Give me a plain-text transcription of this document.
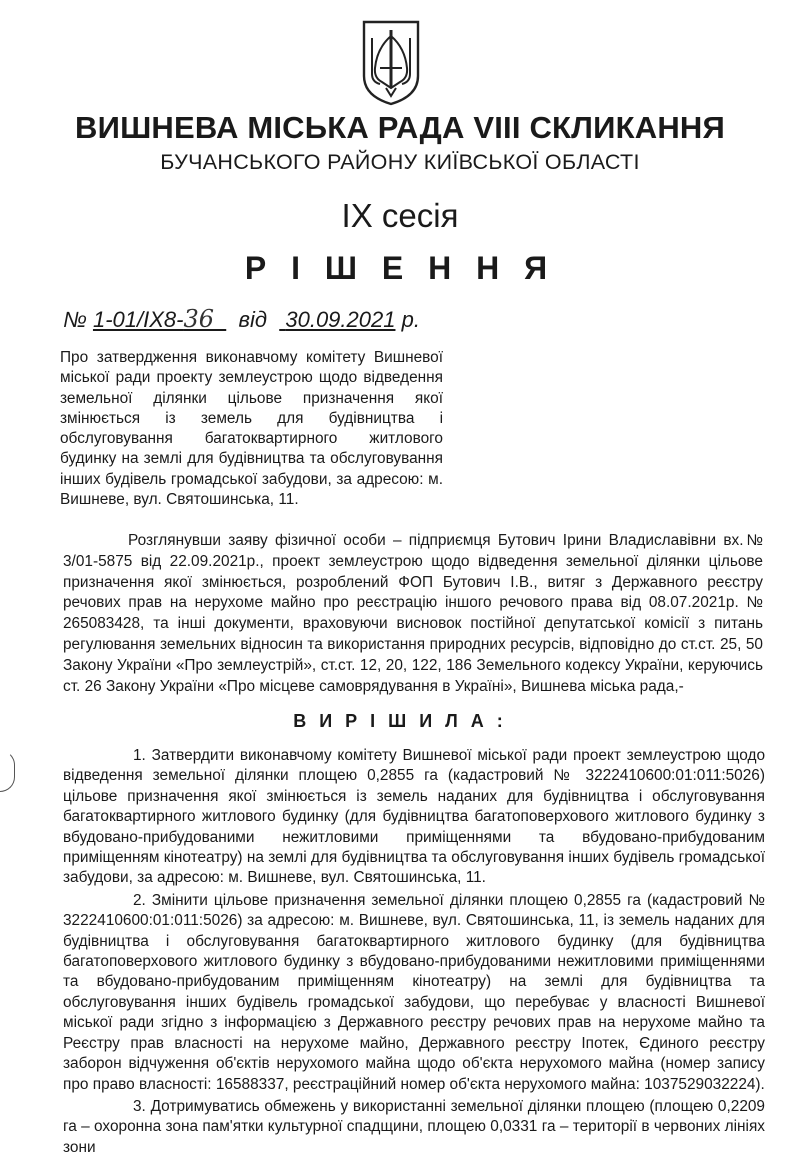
ВИШНЕВА МІСЬКА РАДА VIII СКЛИКАННЯ
БУЧАНСЬКОГО РАЙОНУ КИЇВСЬКОЇ ОБЛАСТІ
IX сесія
Р І Ш Е Н Н Я
№ 1-01/IX8-36 від 30.09.2021 р.
Про затвердження виконавчому комітету Вишневої міської ради проекту землеустрою щодо відведення земельної ділянки цільове призначення якої змінюється із земель для будівництва і обслуговування багатоквартирного житлового будинку на землі для будівництва та обслуговування інших будівель громадської забудови, за адресою: м. Вишневе, вул. Святошинська, 11.
Розглянувши заяву фізичної особи – підприємця Бутович Ірини Владиславівни вх.№ 3/01-5875 від 22.09.2021р., проект землеустрою щодо відведення земельної ділянки цільове призначення якої змінюється, розроблений ФОП Бутович І.В., витяг з Державного реєстру речових прав на нерухоме майно про реєстрацію іншого речового права від 08.07.2021р. № 265083428, та інші документи, враховуючи висновок постійної депутатської комісії з питань регулювання земельних відносин та використання природних ресурсів, відповідно до ст.ст. 25, 50 Закону України «Про землеустрій», ст.ст. 12, 20, 122, 186 Земельного кодексу України, керуючись ст. 26 Закону України «Про місцеве самоврядування в Україні», Вишнева міська рада,-
В И Р І Ш И Л А :

1. Затвердити виконавчому комітету Вишневої міської ради проект землеустрою щодо відведення земельної ділянки площею 0,2855 га (кадастровий № 3222410600:01:011:5026) цільове призначення якої змінюється із земель наданих для будівництва і обслуговування багатоквартирного житлового будинку (для будівництва багатоповерхового житлового будинку з вбудовано-прибудованими нежитловими приміщеннями та вбудовано-прибудованим приміщенням кінотеатру) на землі для будівництва та обслуговування інших будівель громадської забудови, за адресою: м. Вишневе, вул. Святошинська, 11.

2. Змінити цільове призначення земельної ділянки площею 0,2855 га (кадастровий № 3222410600:01:011:5026) за адресою: м. Вишневе, вул. Святошинська, 11, із земель наданих для будівництва і обслуговування багатоквартирного житлового будинку (для будівництва багатоповерхового житлового будинку з вбудовано-прибудованими нежитловими приміщеннями та вбудовано-прибудованим приміщенням кінотеатру) на землі для будівництва та обслуговування інших будівель громадської забудови, що перебуває у власності Вишневої міської ради згідно з інформацією з Державного реєстру речових прав на нерухоме майно та Реєстру прав власності на нерухоме майно, Державного реєстру Іпотек, Єдиного реєстру заборон відчуження об'єктів нерухомого майна щодо об'єкта нерухомого майна (номер запису про право власності: 16588337, реєстраційний номер об'єкта нерухомого майна: 1037529032224).

3. Дотримуватись обмежень у використанні земельної ділянки площею (площею 0,2209 га – охоронна зона пам'ятки культурної спадщини, площею 0,0331 га – території в червоних лініях зони
